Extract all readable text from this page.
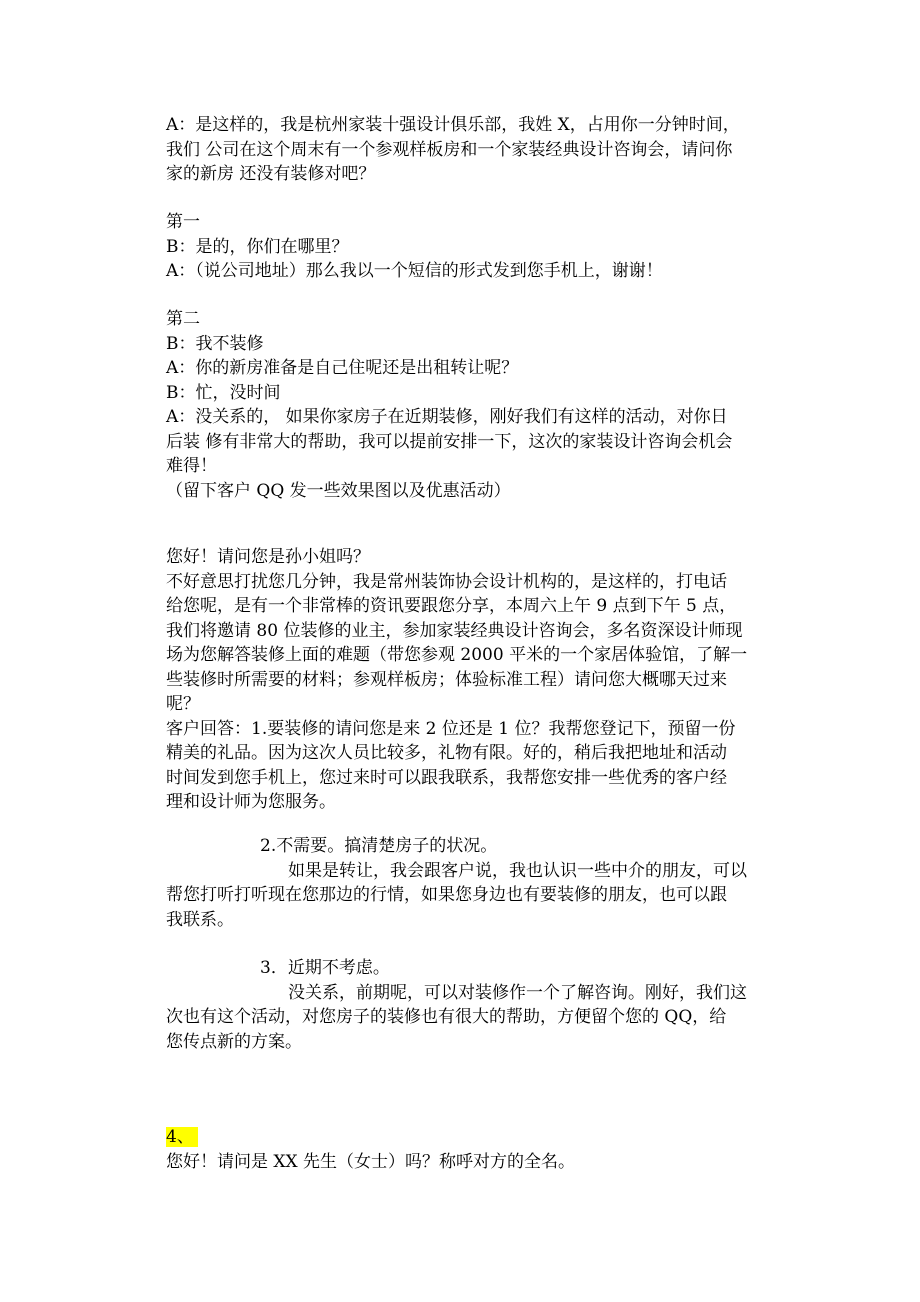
A：是这样的，我是杭州家装十强设计俱乐部，我姓 X，占用你一分钟时间，
我们 公司在这个周末有一个参观样板房和一个家装经典设计咨询会，请问你
家的新房 还没有装修对吧？
第一
B：是的，你们在哪里？
A：（说公司地址）那么我以一个短信的形式发到您手机上，谢谢！
第二
B：我不装修
A：你的新房准备是自己住呢还是出租转让呢？
B：忙，没时间
A：没关系的， 如果你家房子在近期装修，刚好我们有这样的活动，对你日
后装 修有非常大的帮助，我可以提前安排一下，这次的家装设计咨询会机会
难得！
（留下客户 QQ 发一些效果图以及优惠活动）
您好！请问您是孙小姐吗？
不好意思打扰您几分钟，我是常州装饰协会设计机构的，是这样的，打电话
给您呢，是有一个非常棒的资讯要跟您分享，本周六上午 9 点到下午 5 点，
我们将邀请 80 位装修的业主，参加家装经典设计咨询会，多名资深设计师现
场为您解答装修上面的难题（带您参观 2000 平米的一个家居体验馆，了解一
些装修时所需要的材料；参观样板房；体验标准工程）请问您大概哪天过来
呢？
客户回答：1.要装修的请问您是来 2 位还是 1 位？我帮您登记下，预留一份
精美的礼品。因为这次人员比较多，礼物有限。好的，稍后我把地址和活动
时间发到您手机上，您过来时可以跟我联系，我帮您安排一些优秀的客户经
理和设计师为您服务。
2.不需要。搞清楚房子的状况。
如果是转让，我会跟客户说，我也认识一些中介的朋友，可以
帮您打听打听现在您那边的行情，如果您身边也有要装修的朋友，也可以跟
我联系。
3．近期不考虑。
没关系，前期呢，可以对装修作一个了解咨询。刚好，我们这
次也有这个活动，对您房子的装修也有很大的帮助，方便留个您的 QQ，给
您传点新的方案。
4、
您好！请问是 XX 先生（女士）吗？称呼对方的全名。
